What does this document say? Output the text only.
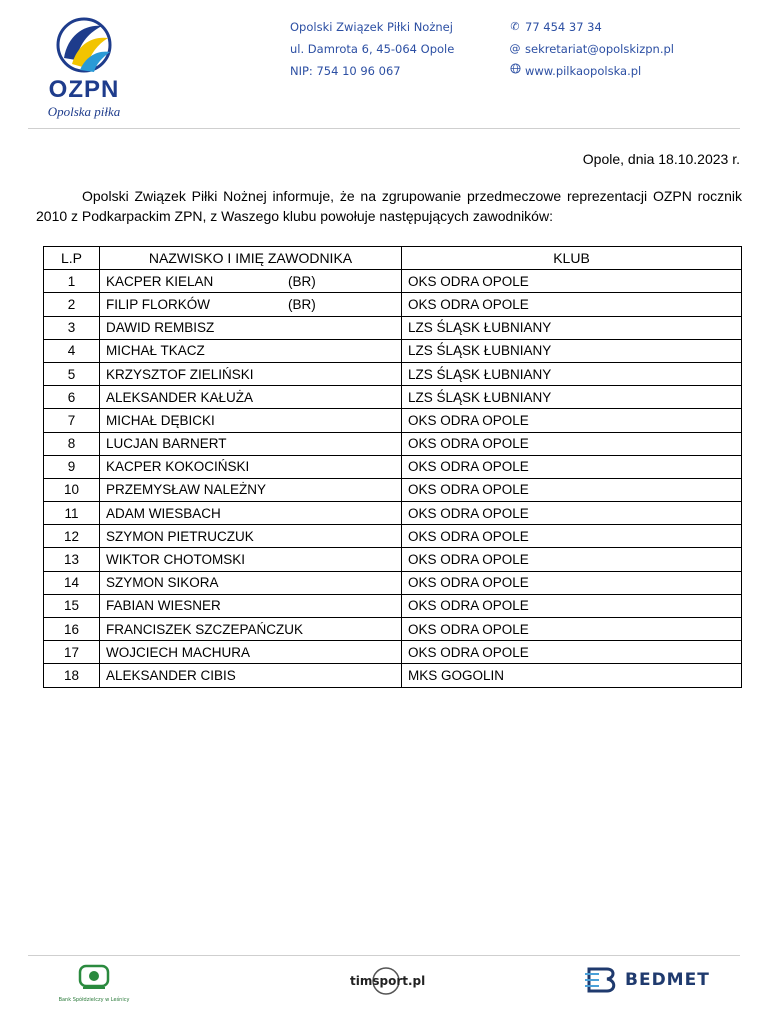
OZPN
Opolska piłka
Opolski Związek Piłki Nożnej
ul. Damrota 6, 45-064 Opole
NIP: 754 10 96 067
✆ 77 454 37 34
@ sekretariat@opolskizpn.pl
www.pilkaopolska.pl
Opole, dnia 18.10.2023 r.
Opolski Związek Piłki Nożnej informuje, że na zgrupowanie przedmeczowe reprezentacji OZPN rocznik 2010 z Podkarpackim ZPN, z Waszego klubu powołuje następujących zawodników:
L.P	NAZWISKO I IMIĘ ZAWODNIKA	KLUB
1	KACPER KIELAN (BR)	OKS ODRA OPOLE
2	FILIP FLORKÓW (BR)	OKS ODRA OPOLE
3	DAWID REMBISZ	LZS ŚLĄSK ŁUBNIANY
4	MICHAŁ TKACZ	LZS ŚLĄSK ŁUBNIANY
5	KRZYSZTOF ZIELIŃSKI	LZS ŚLĄSK ŁUBNIANY
6	ALEKSANDER KAŁUŻA	LZS ŚLĄSK ŁUBNIANY
7	MICHAŁ DĘBICKI	OKS ODRA OPOLE
8	LUCJAN BARNERT	OKS ODRA OPOLE
9	KACPER KOKOCIŃSKI	OKS ODRA OPOLE
10	PRZEMYSŁAW NALEŻNY	OKS ODRA OPOLE
11	ADAM WIESBACH	OKS ODRA OPOLE
12	SZYMON PIETRUCZUK	OKS ODRA OPOLE
13	WIKTOR CHOTOMSKI	OKS ODRA OPOLE
14	SZYMON SIKORA	OKS ODRA OPOLE
15	FABIAN WIESNER	OKS ODRA OPOLE
16	FRANCISZEK SZCZEPAŃCZUK	OKS ODRA OPOLE
17	WOJCIECH MACHURA	OKS ODRA OPOLE
18	ALEKSANDER CIBIS	MKS GOGOLIN
Bank Spółdzielczy w Leśnicy
timsport.pl	BEDMET
